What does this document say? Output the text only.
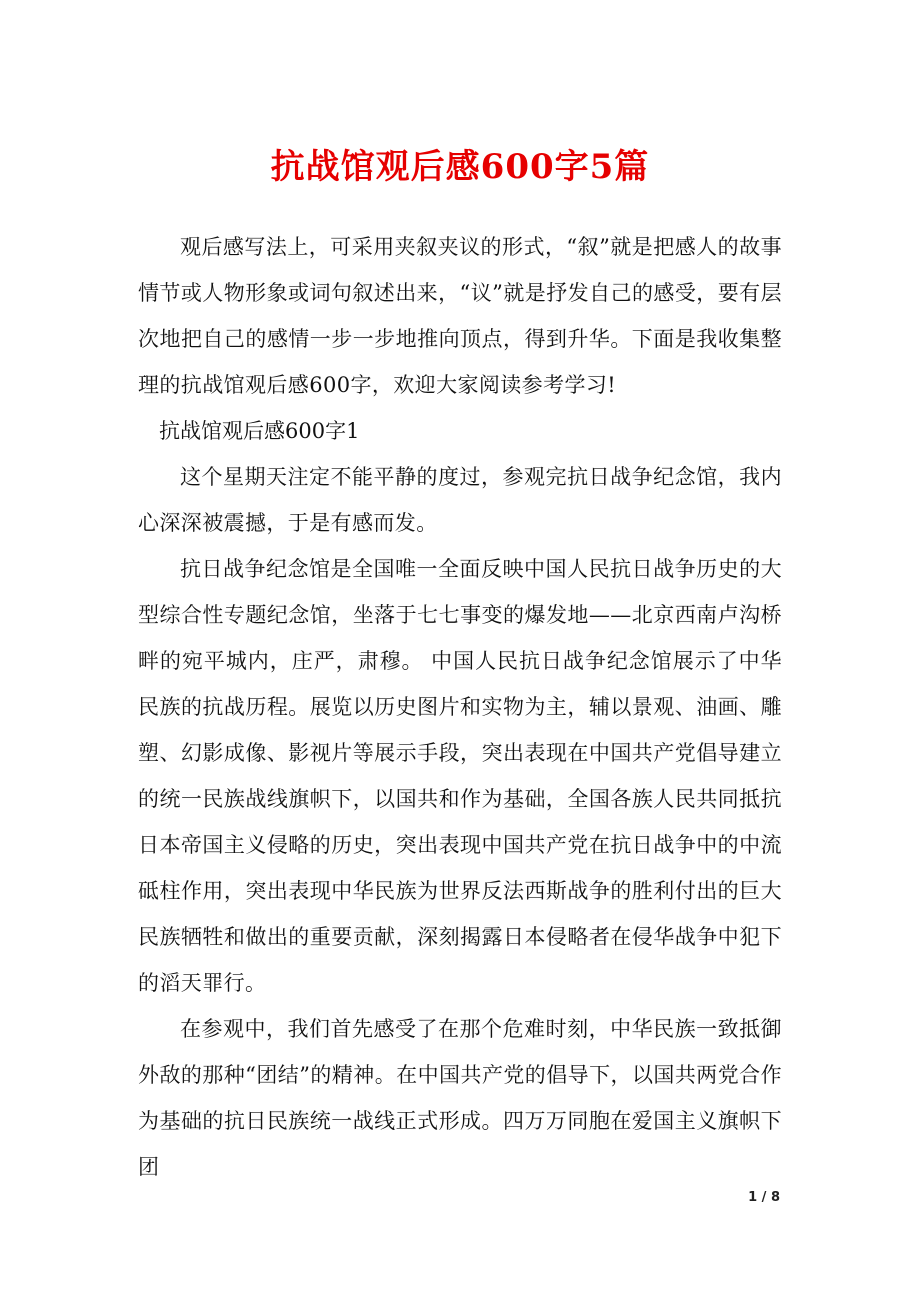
抗战馆观后感600字5篇

观后感写法上，可采用夹叙夹议的形式，“叙”就是把感人的故事情节或人物形象或词句叙述出来，“议”就是抒发自己的感受，要有层次地把自己的感情一步一步地推向顶点，得到升华。下面是我收集整理的抗战馆观后感600字，欢迎大家阅读参考学习!

抗战馆观后感600字1

这个星期天注定不能平静的度过，参观完抗日战争纪念馆，我内心深深被震撼，于是有感而发。

抗日战争纪念馆是全国唯一全面反映中国人民抗日战争历史的大型综合性专题纪念馆，坐落于七七事变的爆发地——北京西南卢沟桥畔的宛平城内，庄严，肃穆。 中国人民抗日战争纪念馆展示了中华民族的抗战历程。展览以历史图片和实物为主，辅以景观、油画、雕塑、幻影成像、影视片等展示手段，突出表现在中国共产党倡导建立的统一民族战线旗帜下，以国共和作为基础，全国各族人民共同抵抗日本帝国主义侵略的历史，突出表现中国共产党在抗日战争中的中流砥柱作用，突出表现中华民族为世界反法西斯战争的胜利付出的巨大民族牺牲和做出的重要贡献，深刻揭露日本侵略者在侵华战争中犯下的滔天罪行。

在参观中，我们首先感受了在那个危难时刻，中华民族一致抵御外敌的那种“团结”的精神。在中国共产党的倡导下，以国共两党合作为基础的抗日民族统一战线正式形成。四万万同胞在爱国主义旗帜下团

1 / 8
